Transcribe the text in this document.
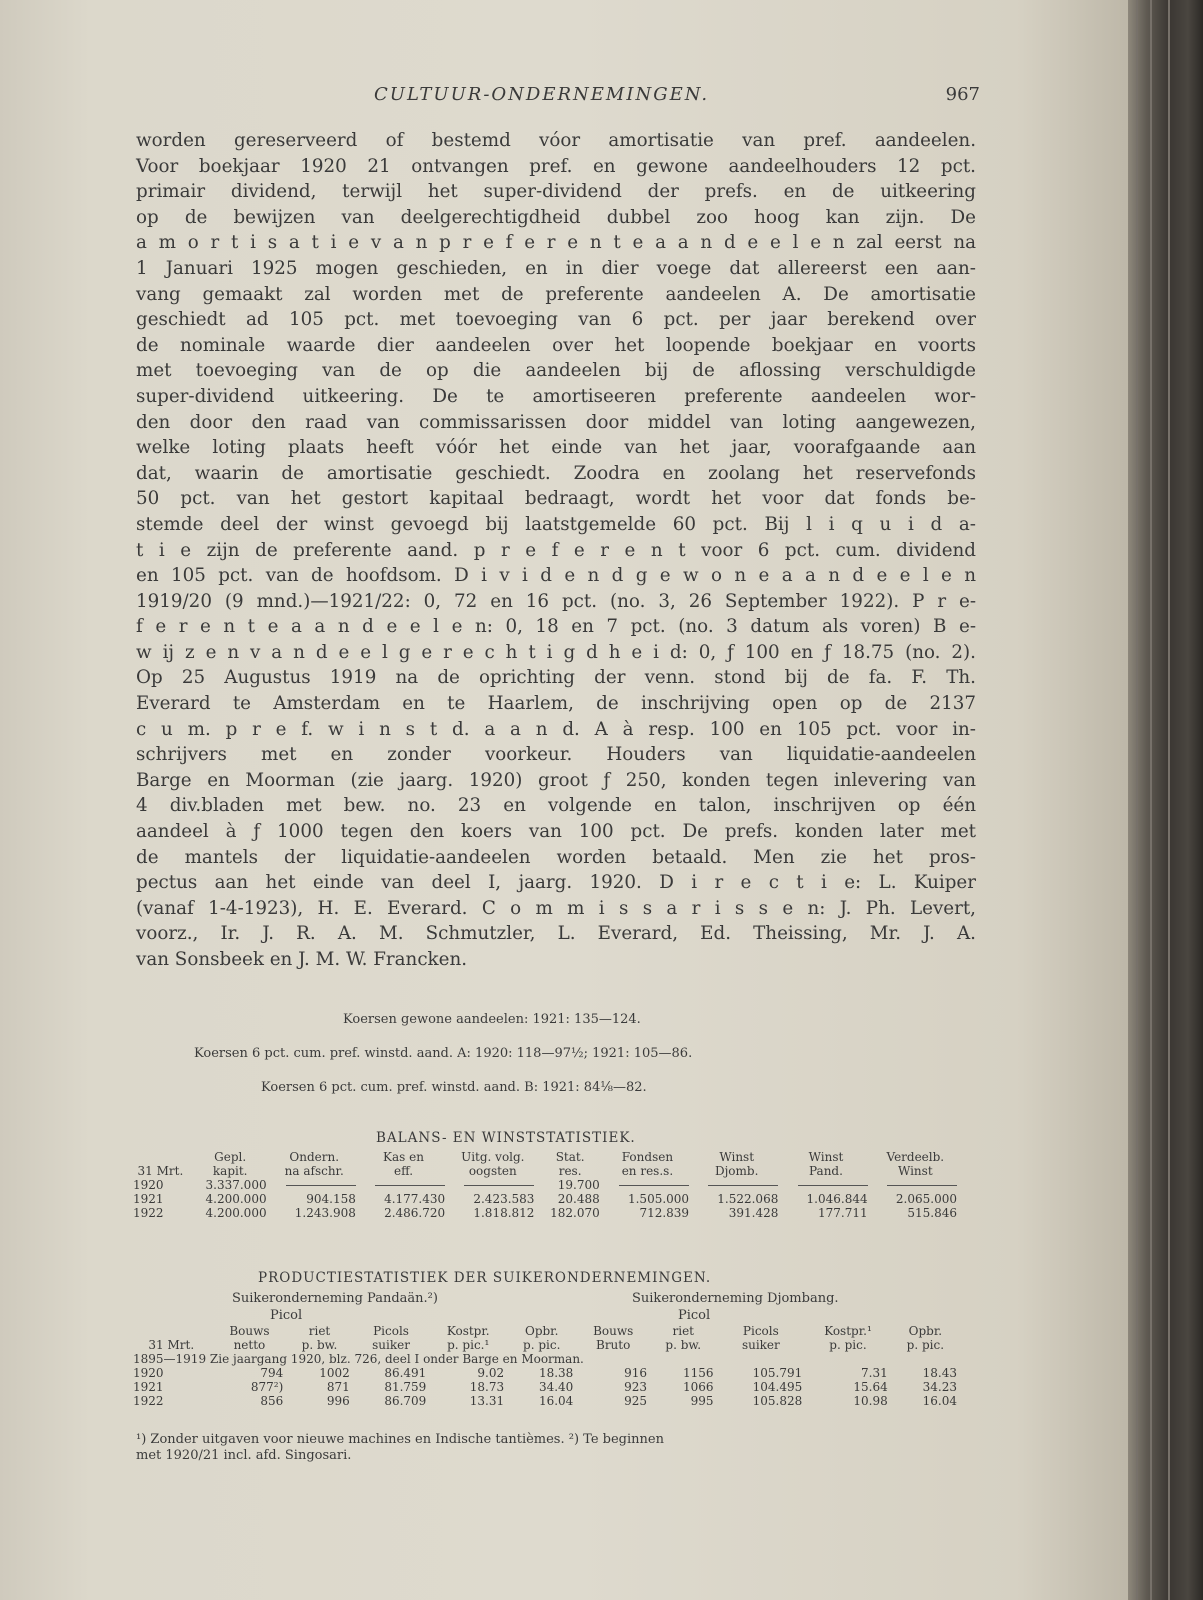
CULTUUR-ONDERNEMINGEN.	967
worden gereserveerd of bestemd vóor amortisatie van pref. aandeelen.
Voor boekjaar 1920 21 ontvangen pref. en gewone aandeelhouders 12 pct.
primair dividend, terwijl het super-dividend der prefs. en de uitkeering
op de bewijzen van deelgerechtigdheid dubbel zoo hoog kan zijn. De
a m o r t i s a t i e v a n p r e f e r e n t e a a n d e e l e n zal eerst na
1 Januari 1925 mogen geschieden, en in dier voege dat allereerst een aan-
vang gemaakt zal worden met de preferente aandeelen A. De amortisatie
geschiedt ad 105 pct. met toevoeging van 6 pct. per jaar berekend over
de nominale waarde dier aandeelen over het loopende boekjaar en voorts
met toevoeging van de op die aandeelen bij de aflossing verschuldigde
super-dividend uitkeering. De te amortiseeren preferente aandeelen wor-
den door den raad van commissarissen door middel van loting aangewezen,
welke loting plaats heeft vóór het einde van het jaar, voorafgaande aan
dat, waarin de amortisatie geschiedt. Zoodra en zoolang het reservefonds
50 pct. van het gestort kapitaal bedraagt, wordt het voor dat fonds be-
stemde deel der winst gevoegd bij laatstgemelde 60 pct. Bij l i q u i d a-
t i e zijn de preferente aand. p r e f e r e n t voor 6 pct. cum. dividend
en 105 pct. van de hoofdsom. D i v i d e n d g e w o n e a a n d e e l e n
1919/20 (9 mnd.)—1921/22: 0, 72 en 16 pct. (no. 3, 26 September 1922). P r e-
f e r e n t e a a n d e e l e n: 0, 18 en 7 pct. (no. 3 datum als voren) B e-
w ij z e n v a n d e e l g e r e c h t i g d h e i d: 0, ƒ 100 en ƒ 18.75 (no. 2).
Op 25 Augustus 1919 na de oprichting der venn. stond bij de fa. F. Th.
Everard te Amsterdam en te Haarlem, de inschrijving open op de 2137
c u m. p r e f. w i n s t d. a a n d. A à resp. 100 en 105 pct. voor in-
schrijvers met en zonder voorkeur. Houders van liquidatie-aandeelen
Barge en Moorman (zie jaarg. 1920) groot ƒ 250, konden tegen inlevering van
4 div.bladen met bew. no. 23 en volgende en talon, inschrijven op één
aandeel à ƒ 1000 tegen den koers van 100 pct. De prefs. konden later met
de mantels der liquidatie-aandeelen worden betaald. Men zie het pros-
pectus aan het einde van deel I, jaarg. 1920. D i r e c t i e: L. Kuiper
(vanaf 1-4-1923), H. E. Everard. C o m m i s s a r i s s e n: J. Ph. Levert,
voorz., Ir. J. R. A. M. Schmutzler, L. Everard, Ed. Theissing, Mr. J. A.
van Sonsbeek en J. M. W. Francken.
Koersen gewone aandeelen: 1921: 135—124.
Koersen 6 pct. cum. pref. winstd. aand. A: 1920: 118—97½; 1921: 105—86.
Koersen 6 pct. cum. pref. winstd. aand. B: 1921: 84⅛—82.
BALANS- EN WINSTSTATISTIEK.
	Gepl.	Ondern.	Kas en	Uitg. volg.	Stat.	Fondsen	Winst	Winst	Verdeelb.
31 Mrt.	kapit.	na afschr.	eff.	oogsten	res.	en res.s.	Djomb.	Pand.	Winst
1920	3.337.000				19.700				
1921	4.200.000	904.158	4.177.430	2.423.583	20.488	1.505.000	1.522.068	1.046.844	2.065.000
1922	4.200.000	1.243.908	2.486.720	1.818.812	182.070	712.839	391.428	177.711	515.846
PRODUCTIESTATISTIEK DER SUIKERONDERNEMINGEN.
Suikeronderneming Pandaän.²)	Suikeronderneming Djombang.
Picol	Picol
	Bouws	riet	Picols	Kostpr.	Opbr.	Bouws	riet	Picols	Kostpr.¹	Opbr.
31 Mrt.	netto	p. bw.	suiker	p. pic.¹	p. pic.	Bruto	p. bw.	suiker	p. pic.	p. pic.
1895—1919 Zie jaargang 1920, blz. 726, deel I onder Barge en Moorman.										
1920	794	1002	86.491	9.02	18.38	916	1156	105.791	7.31	18.43
1921	877²)	871	81.759	18.73	34.40	923	1066	104.495	15.64	34.23
1922	856	996	86.709	13.31	16.04	925	995	105.828	10.98	16.04
¹) Zonder uitgaven voor nieuwe machines en Indische tantièmes. ²) Te beginnen
met 1920/21 incl. afd. Singosari.
